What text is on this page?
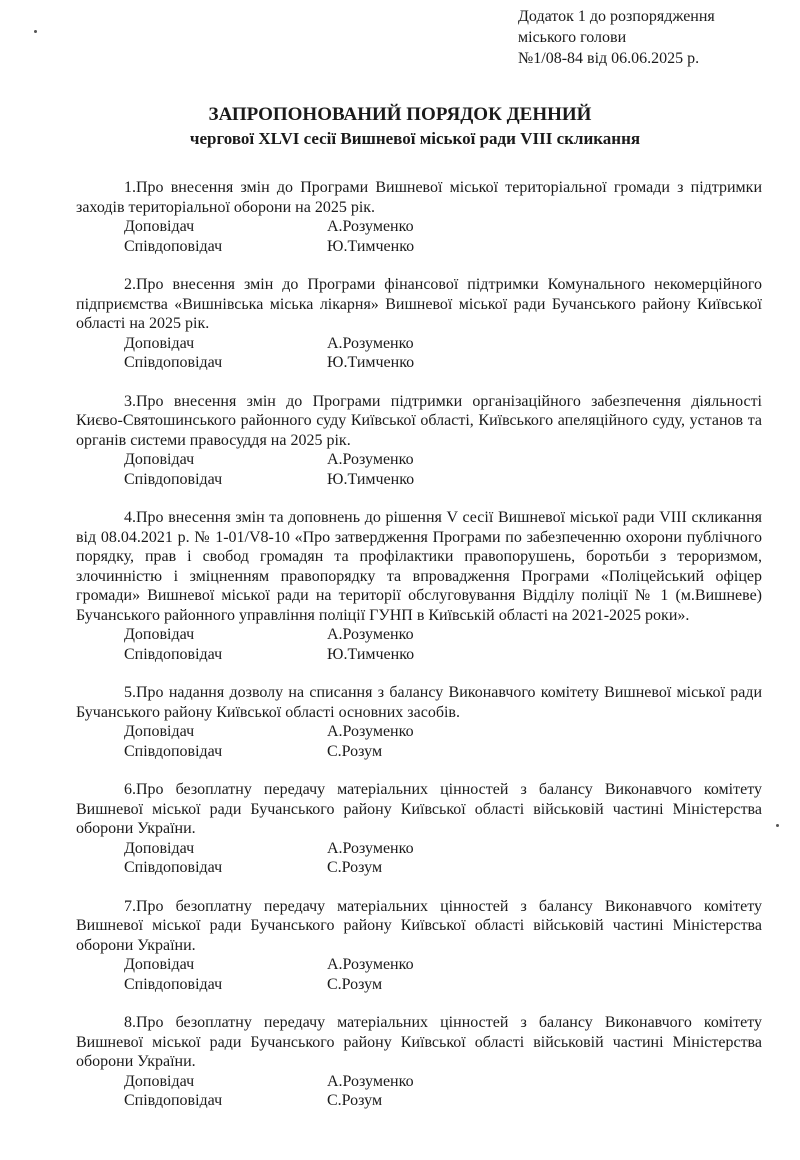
Додаток 1 до розпорядження
міського голови
№1/08-84 від 06.06.2025 р.
ЗАПРОПОНОВАНИЙ ПОРЯДОК ДЕННИЙ
чергової XLVI сесії Вишневої міської ради VIII скликання
1.Про внесення змін до Програми Вишневої міської територіальної громади з підтримки заходів територіальної оборони на 2025 рік.
Доповідач	А.Розуменко
Співдоповідач	Ю.Тимченко
2.Про внесення змін до Програми фінансової підтримки Комунального некомерційного підприємства «Вишнівська міська лікарня» Вишневої міської ради Бучанського району Київської області на 2025 рік.
Доповідач	А.Розуменко
Співдоповідач	Ю.Тимченко
3.Про внесення змін до Програми підтримки організаційного забезпечення діяльності Києво-Святошинського районного суду Київської області, Київського апеляційного суду, установ та органів системи правосуддя на 2025 рік.
Доповідач	А.Розуменко
Співдоповідач	Ю.Тимченко
4.Про внесення змін та доповнень до рішення V сесії Вишневої міської ради VIII скликання від 08.04.2021 р. № 1-01/V8-10 «Про затвердження Програми по забезпеченню охорони публічного порядку, прав і свобод громадян та профілактики правопорушень, боротьби з тероризмом, злочинністю і зміцненням правопорядку та впровадження Програми «Поліцейський офіцер громади» Вишневої міської ради на території обслуговування Відділу поліції № 1 (м.Вишневе) Бучанського районного управління поліції ГУНП в Київській області на 2021-2025 роки».
Доповідач	А.Розуменко
Співдоповідач	Ю.Тимченко
5.Про надання дозволу на списання з балансу Виконавчого комітету Вишневої міської ради Бучанського району Київської області основних засобів.
Доповідач	А.Розуменко
Співдоповідач	С.Розум
6.Про безоплатну передачу матеріальних цінностей з балансу Виконавчого комітету Вишневої міської ради Бучанського району Київської області військовій частині Міністерства оборони України.
Доповідач	А.Розуменко
Співдоповідач	С.Розум
7.Про безоплатну передачу матеріальних цінностей з балансу Виконавчого комітету Вишневої міської ради Бучанського району Київської області військовій частині Міністерства оборони України.
Доповідач	А.Розуменко
Співдоповідач	С.Розум
8.Про безоплатну передачу матеріальних цінностей з балансу Виконавчого комітету Вишневої міської ради Бучанського району Київської області військовій частині Міністерства оборони України.
Доповідач	А.Розуменко
Співдоповідач	С.Розум
